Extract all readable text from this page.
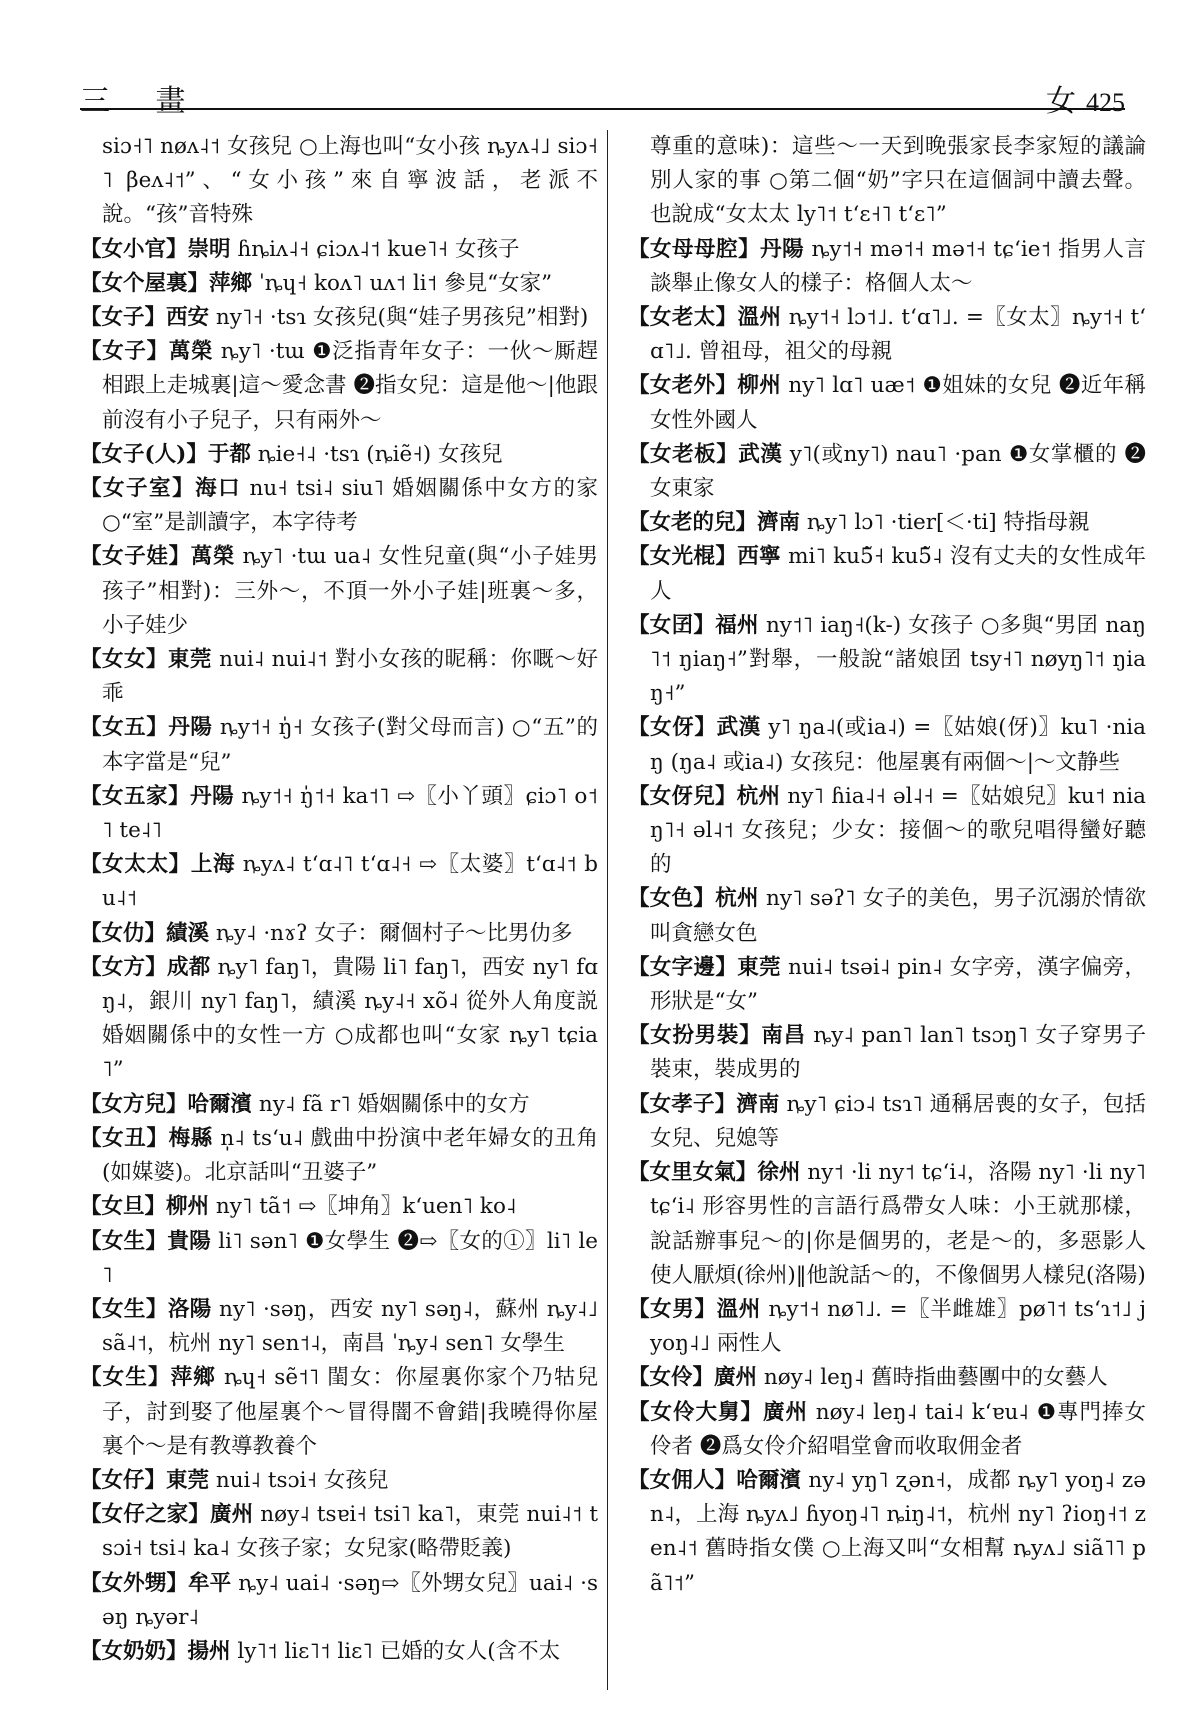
三 畫	女 425

siɔ˧˥ nøʌ˨˦ 女孩兒 ○上海也叫“女小孩 ȵyʌ˨˩ siɔ˧˥ βeʌ˨˦”、“女小孩”來自寧波話，老派不說。“孩”音特殊

【女小官】崇明 ɦȵiʌ˨˧ ɕiɔʌ˨˦ kue˥˧ 女孩子

【女个屋裏】萍鄉 ˈȵɥ˧ koʌ˥ uʌ˦ li˦ 參見“女家”

【女子】西安 ny˥˧ ·tsɿ 女孩兒(與“娃子男孩兒”相對)

【女子】萬榮 ȵy˥ ·tɯ ❶泛指青年女子：一伙～厮趕相跟上走城裏|這～愛念書 ❷指女兒：這是他～|他跟前沒有小子兒子，只有兩外～

【女子(人)】于都 ȵie˧˨ ·tsɿ (ȵiẽ˧) 女孩兒

【女子室】海口 nu˧ tsi˨ siu˥ 婚姻關係中女方的家 ○“室”是訓讀字，本字待考

【女子娃】萬榮 ȵy˥ ·tɯ ua˨ 女性兒童(與“小子娃男孩子”相對)：三外～，不頂一外小子娃|班裏～多，小子娃少

【女女】東莞 nui˨ nui˨˦ 對小女孩的昵稱：你嘅～好乖

【女五】丹陽 ȵy˦˧ ŋ̍˧ 女孩子(對父母而言) ○“五”的本字當是“兒”

【女五家】丹陽 ȵy˦˧ ŋ̍˦˧ ka˦˥ ⇨〖小丫頭〗ɕiɔ˥ o˦˥ te˨˥

【女太太】上海 ȵyʌ˨ tʻɑ˨˥ tʻɑ˨˧ ⇨〖太婆〗tʻɑ˨˦ bu˨˦

【女仂】績溪 ȵy˨ ·nɤʔ 女子：爾個村子～比男仂多

【女方】成都 ȵy˥ faŋ˥，貴陽 li˥ faŋ˥，西安 ny˥ fɑŋ˨，銀川 ny˥ faŋ˥，績溪 ȵy˨˧ xõ˨ 從外人角度説婚姻關係中的女性一方 ○成都也叫“女家 ȵy˥ tɕia˥”

【女方兒】哈爾濱 ny˨ fã r˥ 婚姻關係中的女方

【女丑】梅縣 n̩˨ tsʻu˨ 戲曲中扮演中老年婦女的丑角(如媒婆)。北京話叫“丑婆子”

【女旦】柳州 ny˥ tã˦ ⇨〖坤角〗kʻuen˥ ko˨

【女生】貴陽 li˥ sən˥ ❶女學生 ❷⇨〖女的①〗li˥ le˥

【女生】洛陽 ny˥ ·səŋ，西安 ny˥ səŋ˨，蘇州 ȵy˨˩ sã˨˦，杭州 ny˥ sen˦˨，南昌 ˈȵy˨ sen˥ 女學生

【女生】萍鄉 ȵɥ˧ sẽ˦˥ 閨女：你屋裏你家个乃牯兒子，討到娶了他屋裏个～冒得闇不會錯|我曉得你屋裏个～是有教導教養个

【女仔】東莞 nui˨ tsɔi˧ 女孩兒

【女仔之家】廣州 nøy˨ tsɐi˧ tsi˥ ka˥，東莞 nui˨˦ tsɔi˧ tsi˨ ka˨ 女孩子家；女兒家(略帶貶義)

【女外甥】牟平 ȵy˨ uai˨ ·səŋ⇨〖外甥女兒〗uai˨ ·səŋ ȵyər˨

【女奶奶】揚州 ly˥˦ liɛ˥˦ liɛ˥ 已婚的女人(含不太

尊重的意味)：這些～一天到晚張家長李家短的議論別人家的事 ○第二個“奶”字只在這個詞中讀去聲。也說成“女太太 ly˥˦ tʻɛ˧˥ tʻɛ˥”

【女母母腔】丹陽 ȵy˦˧ mə˦˧ mə˦˧ tɕʻie˦ 指男人言談舉止像女人的樣子：格個人太～

【女老太】溫州 ȵy˦˧ lɔ˦˩. tʻɑ˥˩. =〖女太〗ȵy˦˧ tʻɑ˥˩. 曾祖母，祖父的母親

【女老外】柳州 ny˥ lɑ˥ uæ˦ ❶姐妹的女兒 ❷近年稱女性外國人

【女老板】武漢 y˥(或ny˥) nau˥ ·pan ❶女掌櫃的 ❷女東家

【女老的兒】濟南 ȵy˥ lɔ˥ ·tier[＜·ti] 特指母親

【女光棍】西寧 mi˥ ku5̃˧ ku5̃˨ 沒有丈夫的女性成年人

【女囝】福州 ny˦˥ iaŋ˧(k-) 女孩子 ○多與“男囝 naŋ˥˦ ŋiaŋ˧”對舉，一般說“諸娘囝 tsy˧˥ nøyŋ˥˦ ŋiaŋ˧”

【女伢】武漢 y˥ ŋa˨(或ia˨) =〖姑娘(伢)〗ku˥ ·niaŋ (ŋa˨ 或ia˨) 女孩兒：他屋裏有兩個～|～文静些

【女伢兒】杭州 ny˥ ɦia˨˧ əl˨˧ =〖姑娘兒〗ku˦ niaŋ˥˧ əl˨˦ 女孩兒；少女：接個～的歌兒唱得蠻好聽的

【女色】杭州 ny˥ səʔ˥ 女子的美色，男子沉溺於情欲叫貪戀女色

【女字邊】東莞 nui˨ tsəi˨ pin˨ 女字旁，漢字偏旁，形狀是“女”

【女扮男裝】南昌 ȵy˨ pan˥ lan˥ tsɔŋ˥ 女子穿男子裝束，裝成男的

【女孝子】濟南 ȵy˥ ɕiɔ˨ tsɿ˥ 通稱居喪的女子，包括女兒、兒媳等

【女里女氣】徐州 ny˦ ·li ny˦ tɕʻi˨，洛陽 ny˥ ·li ny˥ tɕʻi˨ 形容男性的言語行爲帶女人味：小王就那樣，說話辦事兒～的|你是個男的，老是～的，多惡影人使人厭煩(徐州)‖他說話～的，不像個男人樣兒(洛陽)

【女男】溫州 ȵy˦˧ nø˥˩. =〖半雌雄〗pø˥˦ tsʻɿ˦˩ jyoŋ˨˩ 兩性人

【女伶】廣州 nøy˨ leŋ˨ 舊時指曲藝團中的女藝人

【女伶大舅】廣州 nøy˨ leŋ˨ tai˨ kʻɐu˨ ❶專門捧女伶者 ❷爲女伶介紹唱堂會而收取佣金者

【女佣人】哈爾濱 ny˨ yŋ˥ ʐən˧，成都 ȵy˥ yoŋ˨ zən˨，上海 ȵyʌ˩ ɦyoŋ˨˥ ȵiŋ˨˦，杭州 ny˥ ʔioŋ˧˦ zen˨˦ 舊時指女僕 ○上海又叫“女相幫 ȵyʌ˩ siã˥˥ pã˥˦”
